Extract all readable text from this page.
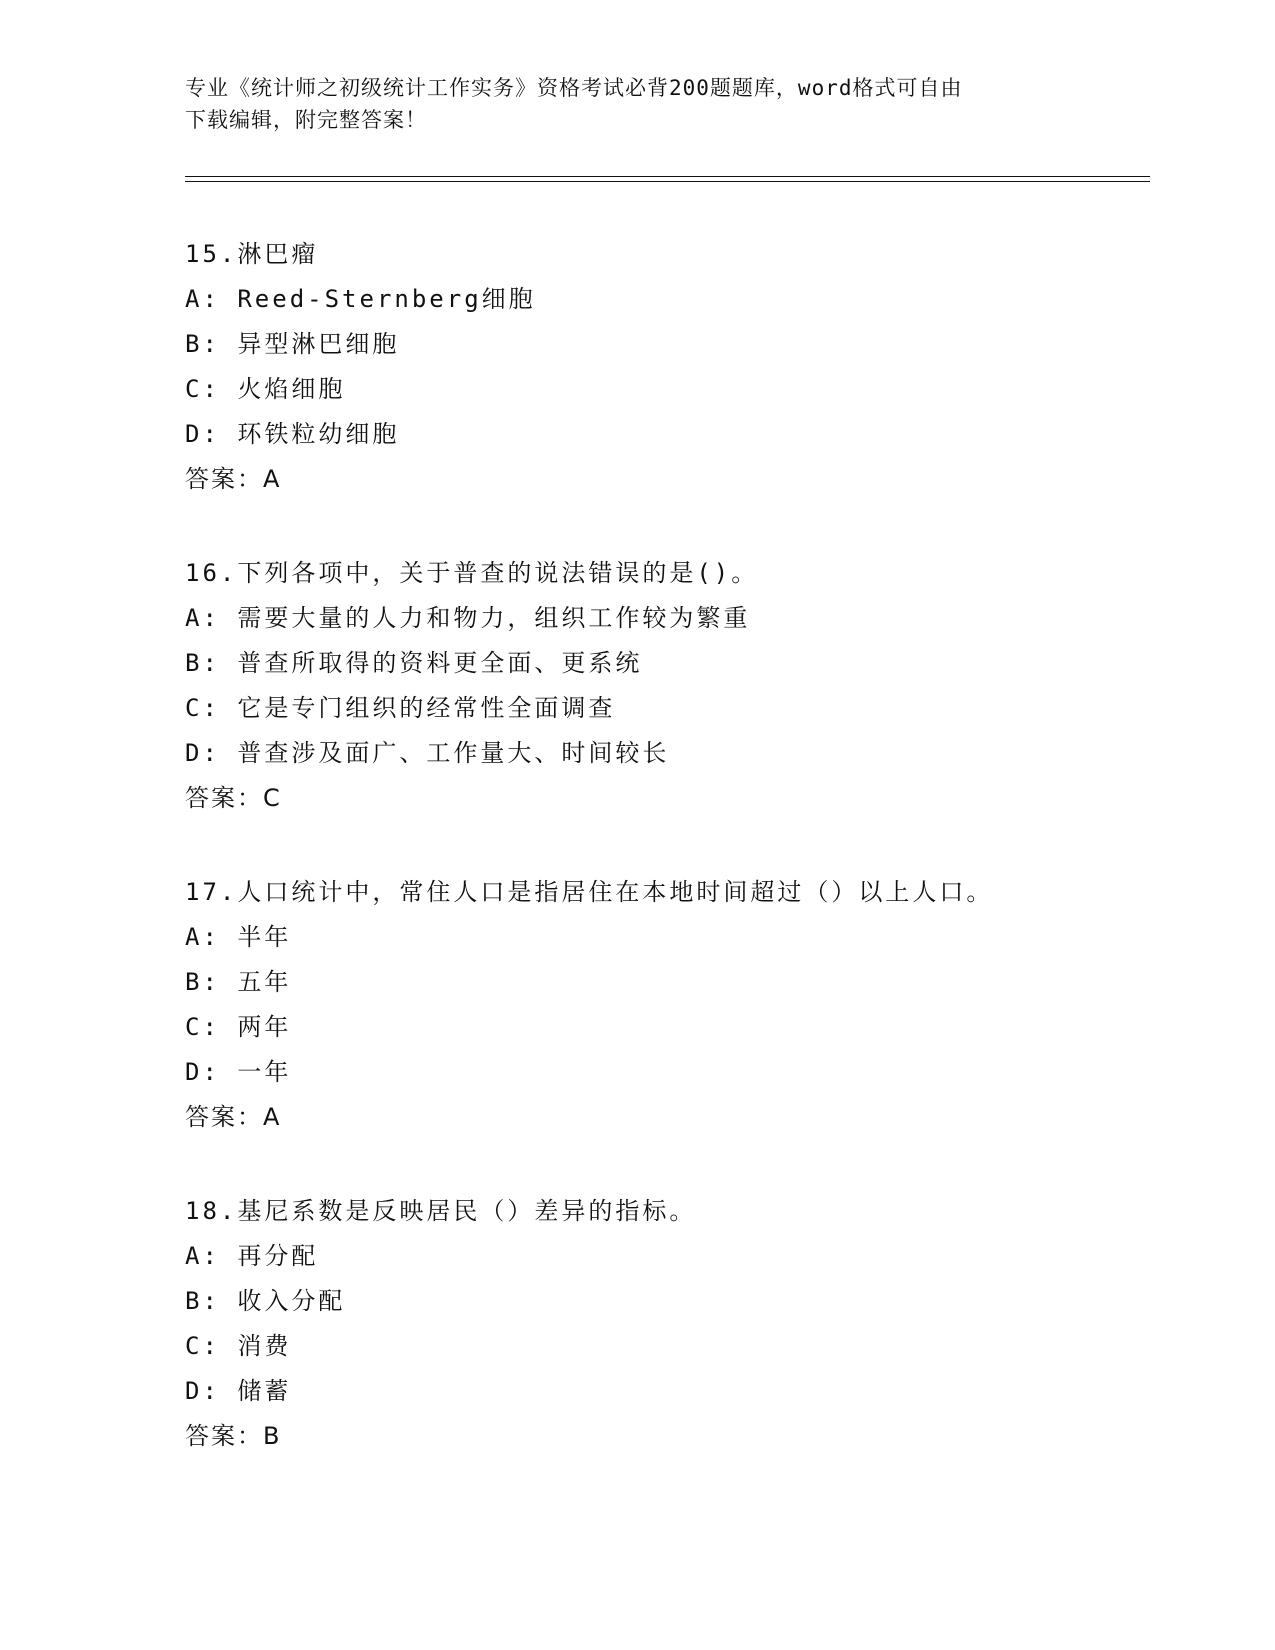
专业《统计师之初级统计工作实务》资格考试必背200题题库，word格式可自由
下载编辑，附完整答案！
15.淋巴瘤
A: Reed-Sternberg细胞
B: 异型淋巴细胞
C: 火焰细胞
D: 环铁粒幼细胞
答案：A
16.下列各项中，关于普查的说法错误的是()。
A: 需要大量的人力和物力，组织工作较为繁重
B: 普查所取得的资料更全面、更系统
C: 它是专门组织的经常性全面调查
D: 普查涉及面广、工作量大、时间较长
答案：C
17.人口统计中，常住人口是指居住在本地时间超过（）以上人口。
A: 半年
B: 五年
C: 两年
D: 一年
答案：A
18.基尼系数是反映居民（）差异的指标。
A: 再分配
B: 收入分配
C: 消费
D: 储蓄
答案：B
